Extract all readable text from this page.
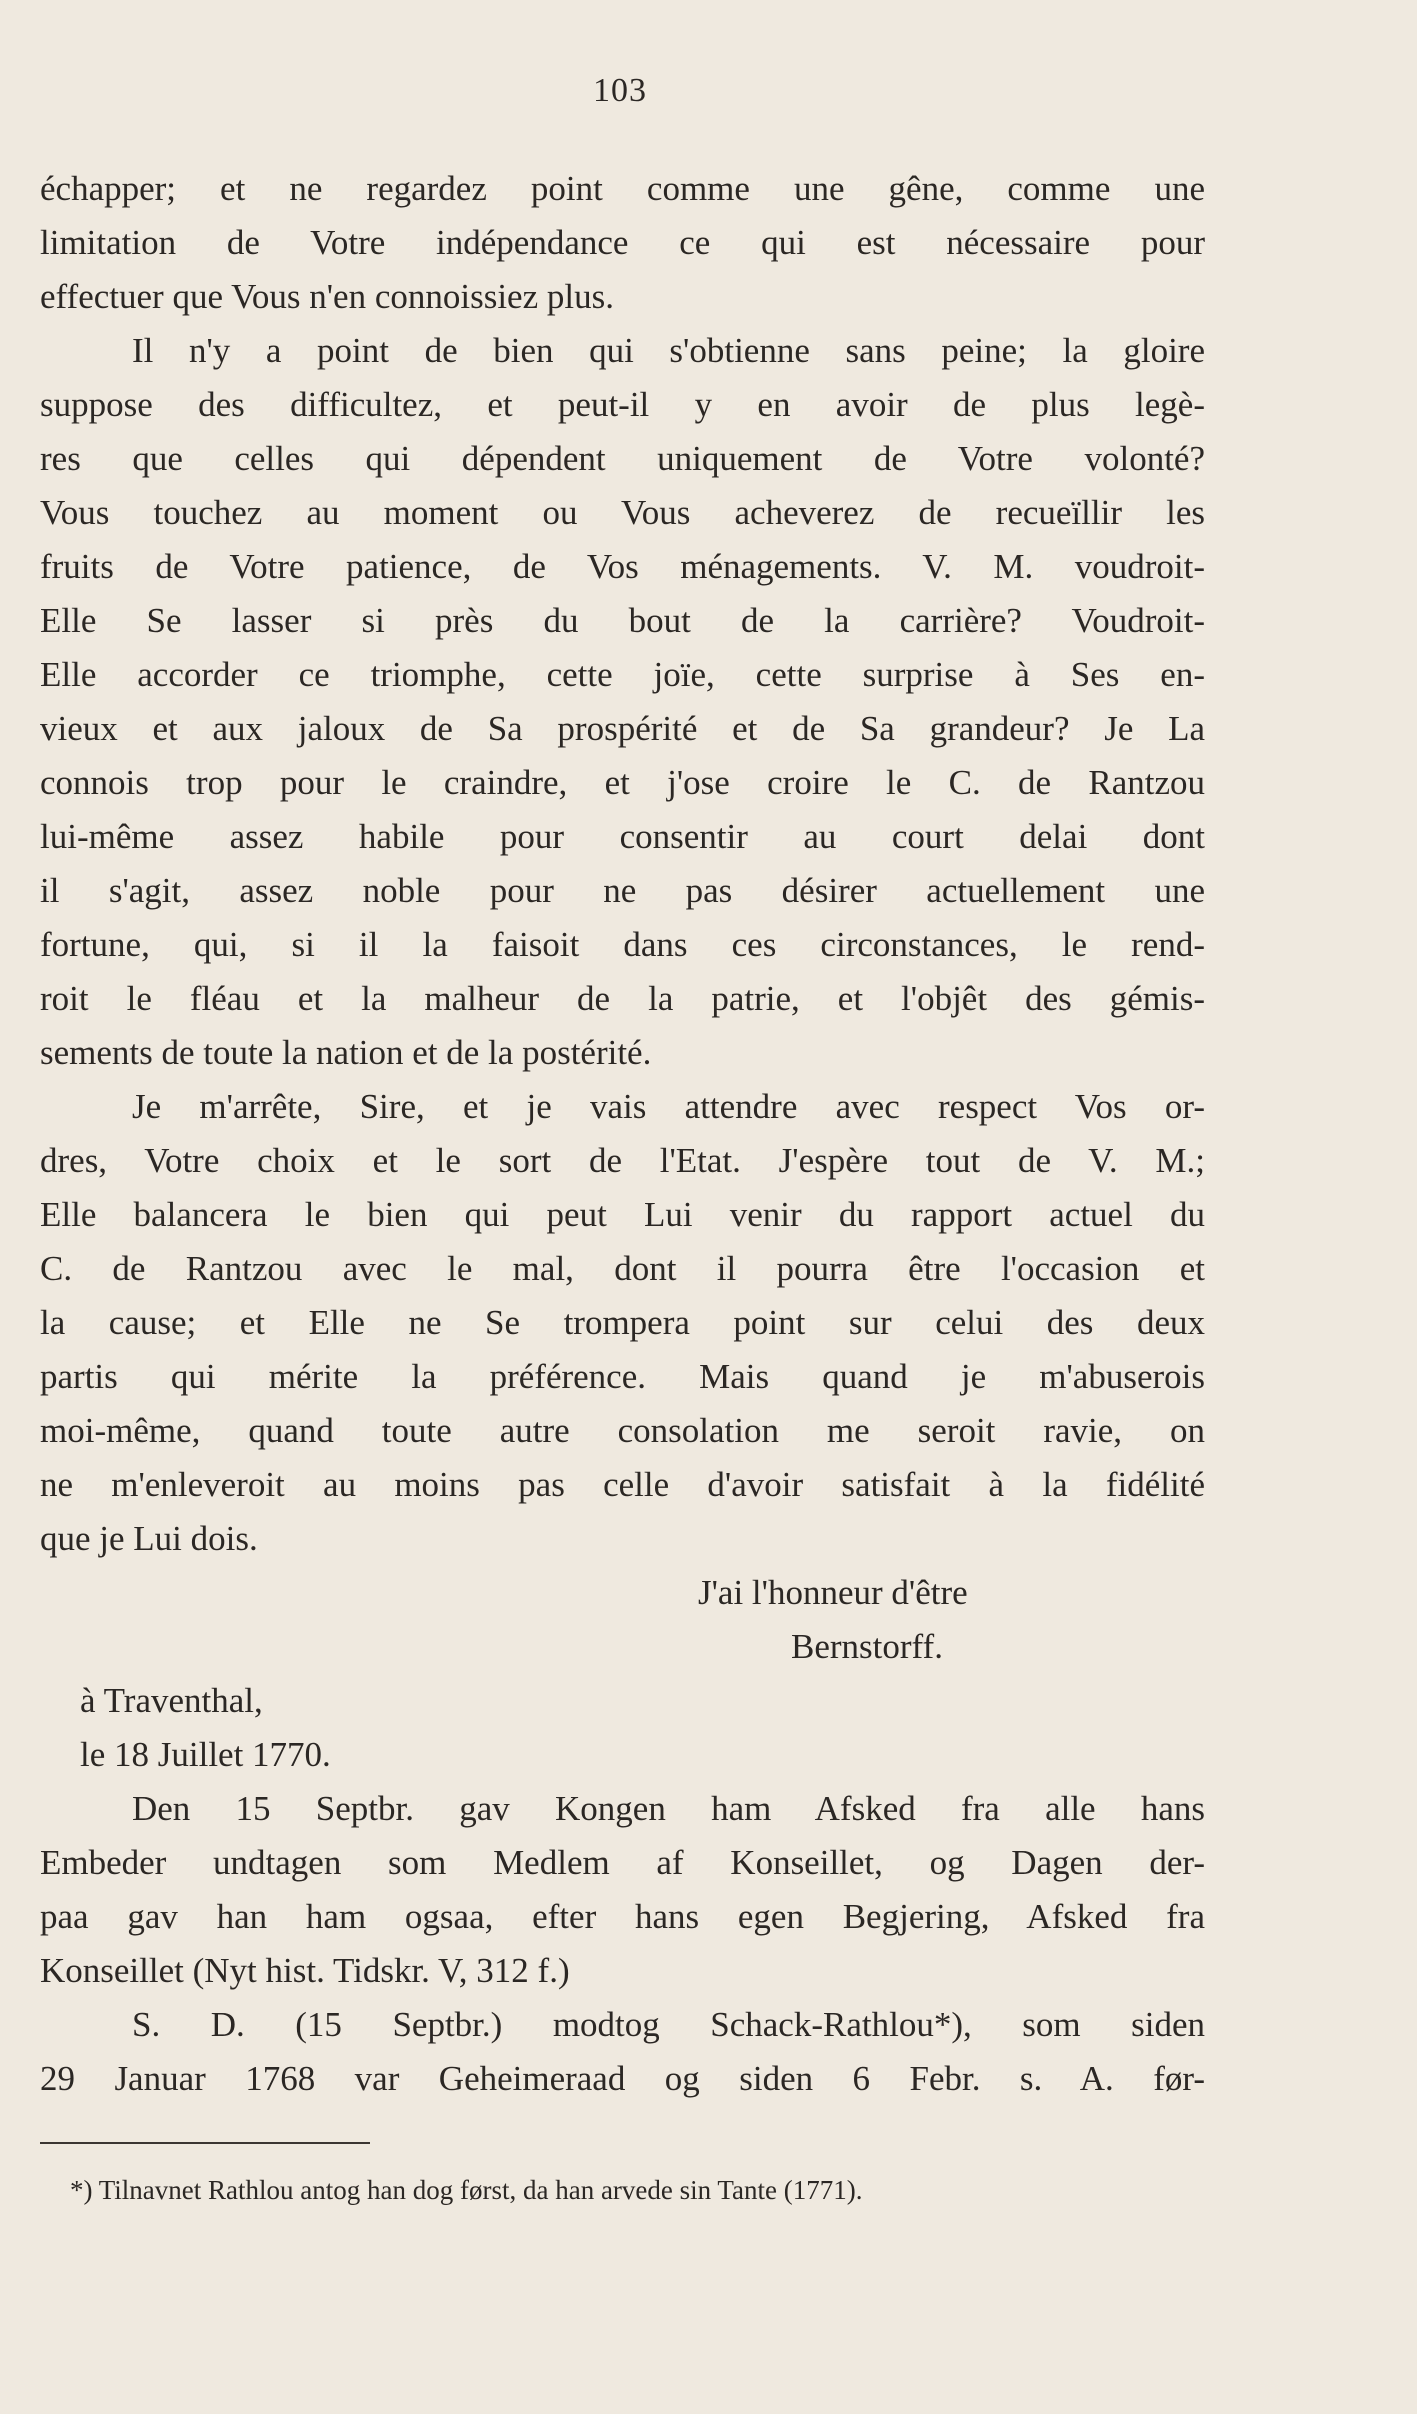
103
échapper; et ne regardez point comme une gêne, comme une
limitation de Votre indépendance ce qui est nécessaire pour
effectuer que Vous n'en connoissiez plus.
Il n'y a point de bien qui s'obtienne sans peine; la gloire
suppose des difficultez, et peut-il y en avoir de plus legè-
res que celles qui dépendent uniquement de Votre volonté?
Vous touchez au moment ou Vous acheverez de recueïllir les
fruits de Votre patience, de Vos ménagements. V. M. voudroit-
Elle Se lasser si près du bout de la carrière? Voudroit-
Elle accorder ce triomphe, cette joïe, cette surprise à Ses en-
vieux et aux jaloux de Sa prospérité et de Sa grandeur? Je La
connois trop pour le craindre, et j'ose croire le C. de Rantzou
lui-même assez habile pour consentir au court delai dont
il s'agit, assez noble pour ne pas désirer actuellement une
fortune, qui, si il la faisoit dans ces circonstances, le rend-
roit le fléau et la malheur de la patrie, et l'objêt des gémis-
sements de toute la nation et de la postérité.
Je m'arrête, Sire, et je vais attendre avec respect Vos or-
dres, Votre choix et le sort de l'Etat. J'espère tout de V. M.;
Elle balancera le bien qui peut Lui venir du rapport actuel du
C. de Rantzou avec le mal, dont il pourra être l'occasion et
la cause; et Elle ne Se trompera point sur celui des deux
partis qui mérite la préférence. Mais quand je m'abuserois
moi-même, quand toute autre consolation me seroit ravie, on
ne m'enleveroit au moins pas celle d'avoir satisfait à la fidélité
que je Lui dois.
J'ai l'honneur d'être
Bernstorff.
à Traventhal,
le 18 Juillet 1770.
Den 15 Septbr. gav Kongen ham Afsked fra alle hans
Embeder undtagen som Medlem af Konseillet, og Dagen der-
paa gav han ham ogsaa, efter hans egen Begjering, Afsked fra
Konseillet (Nyt hist. Tidskr. V, 312 f.)
S. D. (15 Septbr.) modtog Schack-Rathlou*), som siden
29 Januar 1768 var Geheimeraad og siden 6 Febr. s. A. før-
*) Tilnavnet Rathlou antog han dog først, da han arvede sin Tante (1771).
